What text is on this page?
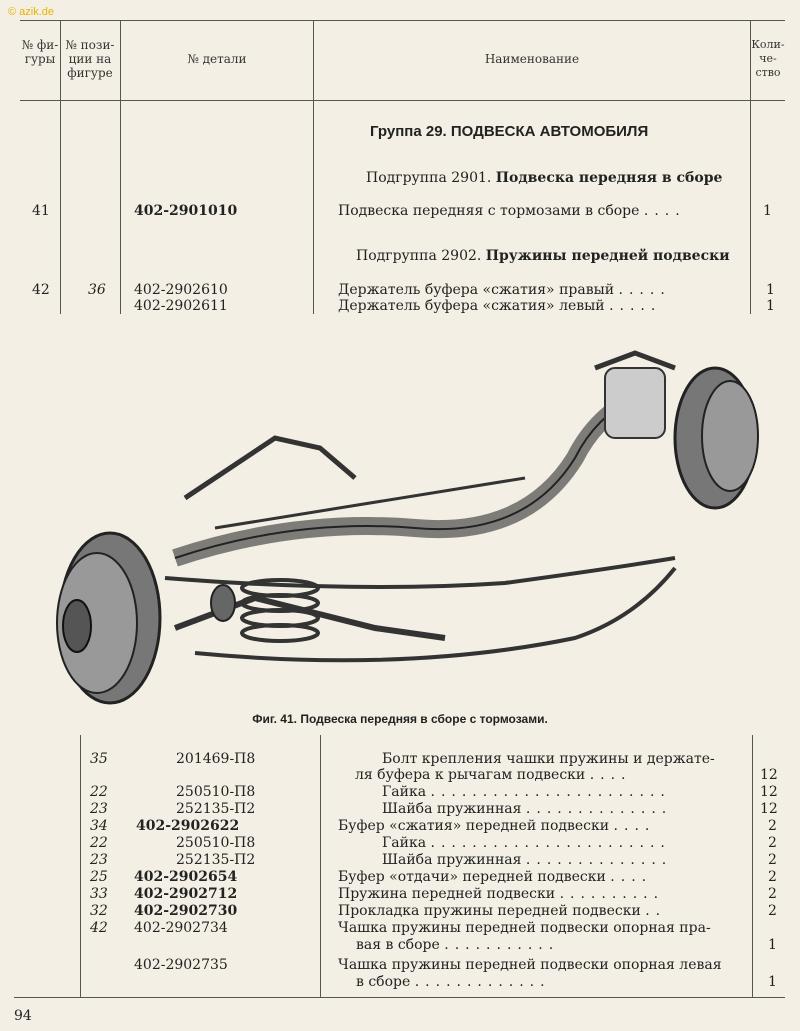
© azik.de
№ фи-гуры
№ пози-ции на фигуре
№ детали	Наименование
Коли-че-ство
Группа 29. ПОДВЕСКА АВТОМОБИЛЯ
Подгруппа 2901. Подвеска передняя в сборе
Подгруппа 2902. Пружины передней подвески
41	402-2901010	Подвеска передняя с тормозами в сборе ....	1
42	36 402-2902610	Держатель буфера «сжатия» правый .....	1
402-2902611	Держатель буфера «сжатия» левый .....	1
Фиг. 41. Подвеска передняя в сборе с тормозами.
35	201469-П8	Болт крепления чашки пружины и держате-
ля буфера к рычагам подвески ....	12
22	250510-П8	Гайка .......................	12
23	252135-П2	Шайба пружинная ..............	12
34 402-2902622	Буфер «сжатия» передней подвески ....	2
22	250510-П8	Гайка .......................	2
23	252135-П2	Шайба пружинная ..............	2
25 402-2902654	Буфер «отдачи» передней подвески ....	2
33 402-2902712	Пружина передней подвески ..........	2
32 402-2902730	Прокладка пружины передней подвески ..	2
42 402-2902734	Чашка пружины передней подвески опорная пра-
вая в сборе ...........	1
402-2902735	Чашка пружины передней подвески опорная левая
в сборе .............	1
94
